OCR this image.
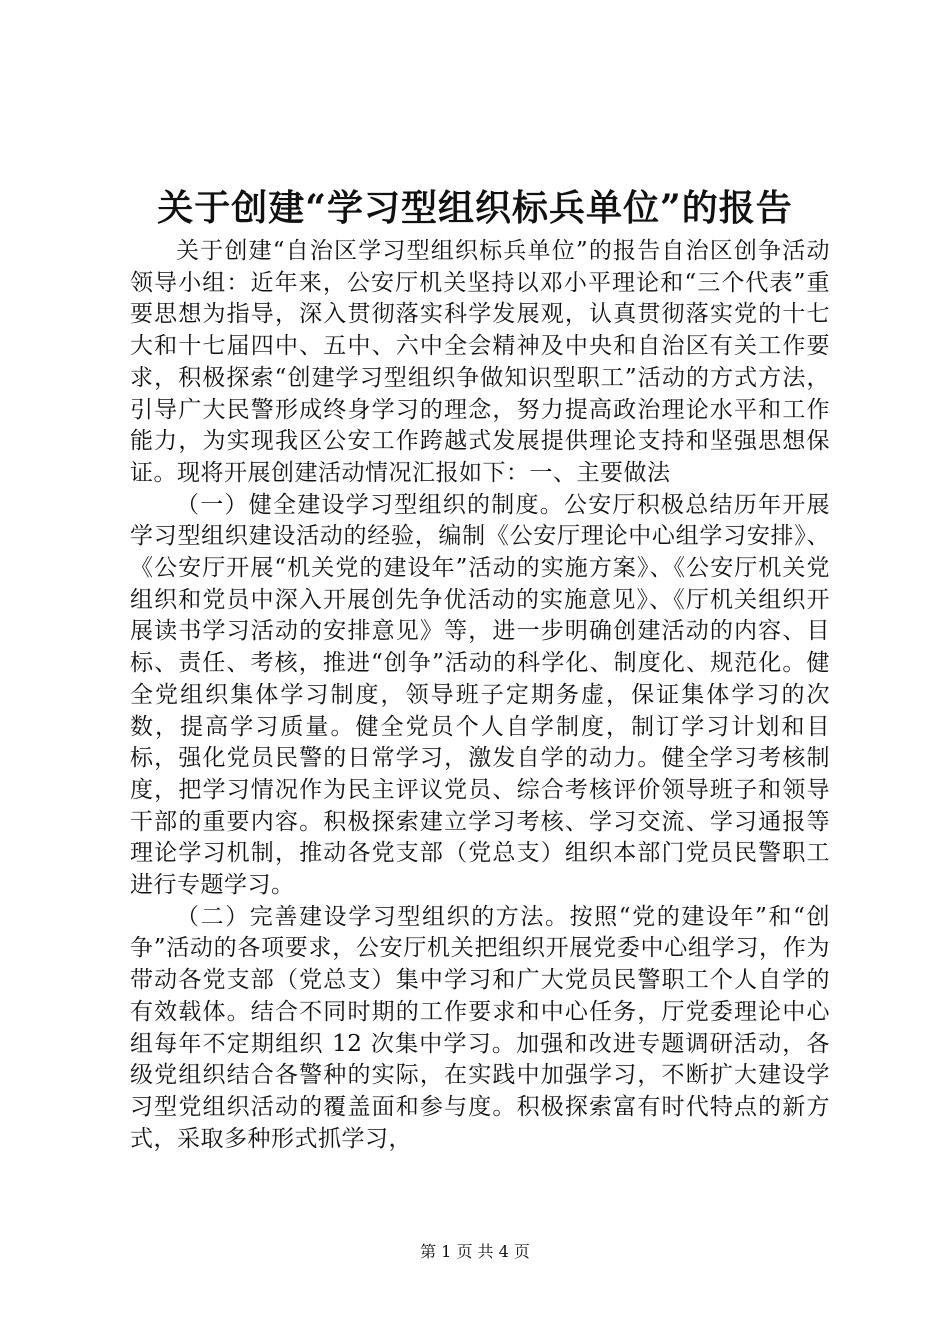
关于创建“学习型组织标兵单位”的报告

关于创建“自治区学习型组织标兵单位”的报告自治区创争活动领导小组：近年来，公安厅机关坚持以邓小平理论和“三个代表”重要思想为指导，深入贯彻落实科学发展观，认真贯彻落实党的十七大和十七届四中、五中、六中全会精神及中央和自治区有关工作要求，积极探索“创建学习型组织争做知识型职工”活动的方式方法，引导广大民警形成终身学习的理念，努力提高政治理论水平和工作能力，为实现我区公安工作跨越式发展提供理论支持和坚强思想保证。现将开展创建活动情况汇报如下：一、主要做法

（一）健全建设学习型组织的制度。公安厅积极总结历年开展学习型组织建设活动的经验，编制《公安厅理论中心组学习安排》、《公安厅开展“机关党的建设年”活动的实施方案》、《公安厅机关党组织和党员中深入开展创先争优活动的实施意见》、《厅机关组织开展读书学习活动的安排意见》等，进一步明确创建活动的内容、目标、责任、考核，推进“创争”活动的科学化、制度化、规范化。健全党组织集体学习制度，领导班子定期务虚，保证集体学习的次数，提高学习质量。健全党员个人自学制度，制订学习计划和目标，强化党员民警的日常学习，激发自学的动力。健全学习考核制度，把学习情况作为民主评议党员、综合考核评价领导班子和领导干部的重要内容。积极探索建立学习考核、学习交流、学习通报等理论学习机制，推动各党支部（党总支）组织本部门党员民警职工进行专题学习。

（二）完善建设学习型组织的方法。按照“党的建设年”和“创争”活动的各项要求，公安厅机关把组织开展党委中心组学习，作为带动各党支部（党总支）集中学习和广大党员民警职工个人自学的有效载体。结合不同时期的工作要求和中心任务，厅党委理论中心组每年不定期组织 12 次集中学习。加强和改进专题调研活动，各级党组织结合各警种的实际，在实践中加强学习，不断扩大建设学习型党组织活动的覆盖面和参与度。积极探索富有时代特点的新方式，采取多种形式抓学习，

第 1 页 共 4 页
